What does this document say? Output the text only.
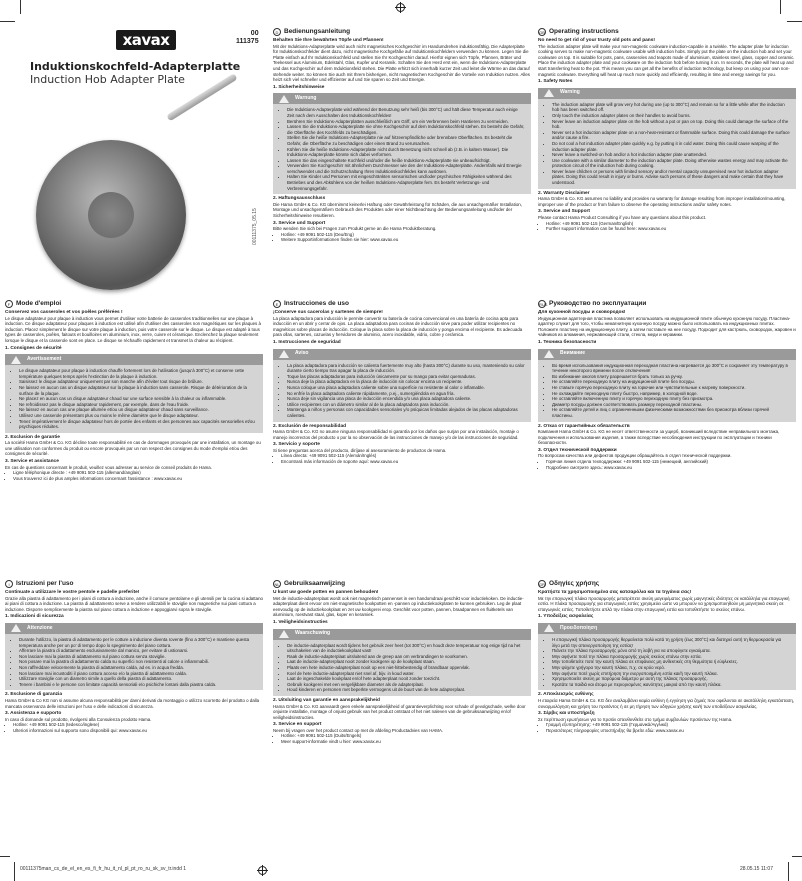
xavax	00
111375
Induktionskochfeld-Adapterplatte
Induction Hob Adapter Plate
00111375_05.15
D Bedienungsanleitung
Behalten Sie Ihre bewährten Töpfe und Pfannen!

Mit der Induktions-Adapterplatte wird auch nicht magnetisches Kochgeschirr im Handumdrehen induktionsfähig. Die Adapterplatte für Induktionskochfelder dient dazu, nicht magnetische Kochgefäße auf Induktionskochfeldern verwenden zu können. Legen Sie die Platte einfach auf Ihr Induktionskochfeld und stellen Sie Ihr Kochgeschirr darauf. Hierfür eignen sich Töpfe, Pfannen, Bräter und Teekessel aus Aluminium, Edelstahl, Glas, Kupfer und Keramik. Schalten Sie den Herd erst ein, wenn die Induktions-Adapterplatte und das Kochgeschirr auf dem Induktionsfeld stehen. Die Platte erhitzt sich innerhalb kurzer Zeit und leitet die Wärme an das darauf stehende weiter. So können Sie auch mit Ihrem bisherigen, nicht magnetischen Kochgeschirr die Vorteile von Induktion nutzen. Alles heizt sich viel schneller und effizienter auf und Sie sparen so Zeit und Energie.

1. Sicherheitshinweise
Warnung
• Die Induktions-Adapterplatte wird während der Benutzung sehr heiß (bis 300°C) und hält diese Temperatur auch einige Zeit nach dem Ausschalten des Induktionskochfeldes!
• Berühren Sie Induktions-Adapterplatten ausschließlich am Griff, um ein Verbrennen beim Hantieren zu vermeiden.
• Lassen Sie die Induktions-Adapterplatte nie ohne Kochgeschirr auf dem Induktionskochfeld stehen. Es besteht die Gefahr, die Oberfläche des Kochfelds zu beschädigen.
• Stellen Sie die heiße Induktions-Adapterplatte nie auf hitzeempfindliche oder brennbare Oberflächen. Es besteht die Gefahr, die Oberfläche zu beschädigen oder einen Brand zu verursachen.
• Kühlen Sie die heiße Induktions-Adapterplatte nicht durch Benetzung nicht schnell ab (z.B. in kaltem Wasser). Die Induktions-Adapterplatte könnte sich dabei verformen.
• Lassen Sie das eingeschaltete Kochfeld und/oder die heiße Induktions-Adapterplatte nie unbeaufsichtigt.
• Verwenden Sie Kochgeschirr mit ähnlichem Durchmesser wie den der Induktions-Adapterplatte. Andernfalls wird Energie verschwendet und die Schutzschaltung Ihres Induktionskochfeldes kann auslösen.
• Halten Sie Kinder und Personen mit eingeschränkten sensorischen und/oder psychischen Fähigkeiten während des Betriebes und des Abkühlens von der heißen Induktions-Adapterplatte fern. Es besteht Verletzungs- und Verbrennungsgefahr.
2. Haftungsausschluss

Die Hama GmbH & Co. KG übernimmt keinerlei Haftung oder Gewährleistung für Schäden, die aus unsachgemäßer Installation, Montage und unsachgemäßem Gebrauch des Produktes oder einer Nichtbeachtung der Bedienungsanleitung und/oder der Sicherheitshinweise resultieren.

3. Service und Support

Bitte wenden Sie sich bei Fragen zum Produkt gerne an die Hama Produktberatung.

• Hotline: +49 9091 502-115 (Deu/Eng)
• Weitere Supportinformationen finden sie hier: www.xavax.eu
GB Operating instructions
No need to get rid of your trusty old pots and pans!

The induction adapter plate will make your non-magnetic cookware induction-capable in a twinkle. The adapter plate for induction cooking serves to make non-magnetic cookware usable with induction hobs. Simply put the plate on the induction hob and set your cookware on top. It is suitable for pots, pans, casseroles and teapots made of aluminium, stainless steel, glass, copper and ceramic. Place the induction adapter plate and your cookware on the induction hob before turning it on. In seconds, the plate will heat up and start transferring heat to the pot. This means you can get all the benefits of induction technology, but keep on using your own non-magnetic cookware. Everything will heat up much more quickly and efficiently, resulting in time and energy savings for you.

1. Safety Notes
Warning
• The induction adapter plate will grow very hot during use (up to 300°C) and remain so for a little while after the induction hob has been switched off.
• Only touch the induction adapter plates on their handles to avoid burns.
• Never leave an induction adapter plate on the hob without a pot or pan on top. Doing this could damage the surface of the hob.
• Never set a hot induction adapter plate on a non-heat-resistant or flammable surface. Doing this could damage the surface and/or cause a fire.
• Do not cool a hot induction adapter plate quickly e.g. by putting it in cold water. Doing this could cause warping of the induction adapter plate.
• Never leave a switched-on hob and/or a hot induction adapter plate unattended.
• Use cookware with a similar diameter to the induction adapter plate. Doing otherwise wastes energy and may activate the protection circuit of the induction hob during cooking.
• Never leave children or persons with limited sensory and/or mental capacity unsupervised near hot induction adapter plates. Doing this could result in injury or burns. Advise such persons of these dangers and make certain that they have understood.
2. Warranty Disclaimer

Hama GmbH & Co. KG assumes no liability and provides no warranty for damage resulting from improper installation/mounting, improper use of the product or from failure to observe the operating instructions and/or safety notes.

3. Service and Support

Please contact Hama Product Consulting if you have any questions about this product.

• Hotline: +49 9091 502-115 (German/English)
• Further support information can be found here: www.xavax.eu
F Mode d'emploi
Conservez vos casseroles et vos poêles préférées !

Le disque adaptateur pour plaque à induction vous permet d'utiliser votre batterie de casseroles traditionnelles sur une plaque à induction. Ce disque adaptateur pour plaques à induction est utilisé afin d'utiliser des casseroles non magnétiques sur les plaques à induction. Placez simplement le disque sur votre plaque à induction, puis votre casserole sur le disque. Le disque est adapté à tous types de casseroles, poêles, faitouts et bouilloires en aluminium, inox, verre, cuivre et céramique. Enclenchez la plaque seulement lorsque le disque et la casserole sont en place. Le disque se réchauffe rapidement et transmet la chaleur au récipient.

1. Consignes de sécurité
Avertissement
• Le disque adaptateur pour plaque à induction chauffe fortement lors de l'utilisation (jusqu'à 300°C) et conserve cette température quelques temps après l'extinction de la plaque à induction.
• Saisissez le disque adaptateur uniquement par son manche afin d'éviter tout risque de brûlure.
• Ne laissez en aucun cas un disque adaptateur sur la plaque à induction sans casserole. Risque de détérioration de la surface de la plaque.
• Ne placez en aucun cas un disque adaptateur chaud sur une surface sensible à la chaleur ou inflammable.
• Ne refroidissez pas le disque adaptateur rapidement, par exemple, dans de l'eau froide.
• Ne laissez en aucun cas une plaque allumée et/ou un disque adaptateur chaud sans surveillance.
• Utilisez une casserole présentant plus ou moins le même diamètre que le disque adaptateur.
• Tenez impérativement le disque adaptateur hors de portée des enfants et des personnes aux capacités sensorielles et/ou psychiques réduites.
2. Exclusion de garantie

La société Hama GmbH & Co. KG décline toute responsabilité en cas de dommages provoqués par une installation, un montage ou une utilisation non conformes du produit ou encore provoqués par un non respect des consignes du mode d'emploi et/ou des consignes de sécurité.

3. Service et assistance

En cas de questions concernant le produit, veuillez vous adresser au service de conseil produits de Hama.

• Ligne téléphonique directe : +49 9091 502-115 (allemand/anglais)
• Vous trouverez ici de plus amples informations concernant l'assistance : www.xavax.eu
E Instrucciones de uso
¡Conserve sus cacerolas y sartenes de siempre!

La placa adaptadora para inducción le permite convertir su batería de cocina convencional en una batería de cocina apta para inducción en un abrir y cerrar de ojos. La placa adaptadora para cocinas de inducción sirve para poder utilizar recipientes no magnéticos sobre placas de inducción. Coloque la placa sobre la placa de inducción y ponga encima el recipiente. Es adecuada para ollas, sartenes, cazuelas y hervidores de aluminio, acero inoxidable, vidrio, cobre y cerámica.

1. Instrucciones de seguridad
Aviso
• La placa adaptadora para inducción se calienta fuertemente muy alto (hasta 300°C) durante su uso, manteniendo su calor durante cierto tiempo tras apagar la placa de inducción.
• Toque las placas adaptadoras para inducción únicamente por su mango para evitar quemaduras.
• Nunca deje la placa adaptadora en la placa de inducción sin colocar encima un recipiente.
• Nunca coloque una placa adaptadora caliente sobre una superficie no resistente al calor o inflamable.
• No enfríe la placa adaptadora caliente rápidamente, p.ej., sumergiéndola en agua fría.
• Nunca deje sin vigilancia una placa de inducción encendida y/o una placa adaptadora caliente.
• Utilice recipientes con un diámetro similar al de la placa adaptadora para inducción.
• Mantenga a niños y personas con capacidades sensoriales y/o psíquicas limitadas alejados de las placas adaptadoras calientes.
2. Exclusión de responsabilidad

Hama GmbH & Co. KG no asume ninguna responsabilidad ni garantía por los daños que surjan por una instalación, montaje o manejo incorrectos del producto o por la no observación de las instrucciones de manejo y/o de las instrucciones de seguridad.

3. Servicio y soporte

Si tiene preguntas acerca del producto, diríjase al asesoramiento de productos de Hama.

• Línea directa: +49 9091 502-115 (Alemán/Inglés)
• Encontrará más información de soporte aquí: www.xavax.eu
RUS Руководство по эксплуатации
Для кухонной посуды и сковородок!

Индукционная адаптерная пластина позволяет использовать на индукционной плите обычную кухонную посуду. Пластина-адаптер служит для того, чтобы немагнитную кухонную посуду можно было использовать на индукционных плитах. Положите пластину на индукционную плиту, а затем поставьте на нее посуду. Подходит для кастрюль, сковородок, жаровен и чайников из алюминия, нержавеющей стали, стекла, меди и керамики.

1. Техника безопасности
Внимание
• Во время использования индукционная переходная пластина нагревается до 300°C и сохраняет эту температуру в течение некоторого времени после отключения!
• Во избежание ожогов плиту разрешается брать только за ручку.
• Не оставляйте переходную плиту на индукционной плите без посуды.
• Не ставьте горячую переходную плиту на горючие или чувствительные к нагреву поверхности.
• Не охлаждайте переходную плиту быстро, например, в холодной воде.
• Не оставляйте включенную плиту и горячую переходную плиту без присмотра.
• Диаметр посуды должен соответствовать размеру переходной пластины.
• Не оставляйте детей и лиц с ограниченными физическими возможностями без присмотра вблизи горячей пластины.
2. Отказ от гарантийных обязательств

Компания Hama GmbH & Co. KG не несет ответственности за ущерб, возникший вследствие неправильного монтажа, подключения и использования изделия, а также вследствие несоблюдения инструкции по эксплуатации и техники безопасности.

3. Отдел технической поддержки

По вопросам качества или дефектов продукции обращайтесь в отдел технической поддержки.

• Горячая линия отдела техподдержки: +49 9091 502-115 (немецкий, английский)
• Подробнее смотрите здесь: www.xavax.eu
I Istruzioni per l'uso
Continuate a utilizzare le vostre pentole e padelle preferite!

Grazie alla piastra di adattamento per i piani di cottura a induzione, anche il comune pentolame e gli utensili per la cucina si adattano ai piani di cottura a induzione. La piastra di adattamento serve a rendere utilizzabili le stoviglie non magnetiche sui piani cottura a induzione. Disporre semplicemente la piastra sul piano cottura a induzione e appoggiarvi sopra le stoviglie.

1. Indicazioni di sicurezza
Attenzione
• Durante l'utilizzo, la piastra di adattamento per le cotture a induzione diventa rovente (fino a 300°C) e mantiene questa temperatura anche per un po' di tempo dopo lo spegnimento del piano cottura.
• Afferrare la piastra di adattamento esclusivamente dal manico, per evitare di ustionarsi.
• Non lasciare mai la piastra di adattamento sul piano cottura senza stoviglie.
• Non posare mai la piastra di adattamento calda su superfici non resistenti al calore o infiammabili.
• Non raffreddare velocemente la piastra di adattamento calda, ad es. in acqua fredda.
• Non lasciare mai incustoditi il piano cottura acceso e/o la piastra di adattamento calda.
• Utilizzare stoviglie con un diametro simile a quello della piastra di adattamento.
• Tenere i bambini e le persone con limitate capacità sensoriali e/o psichiche lontani dalla piastra calda.
2. Esclusione di garanzia

Hama GmbH & Co KG non si assume alcuna responsabilità per danni derivati da montaggio o utilizzo scorretto del prodotto o dalla mancata osservanza delle istruzioni per l'uso e delle indicazioni di sicurezza.

3. Assistenza e supporto

In caso di domande sul prodotto, rivolgersi alla Consulenza prodotto Hama.

• Hotline: +49 9091 502-115 (tedesco/inglese)
• Ulteriori informazioni sul supporto sono disponibili qui: www.xavax.eu
NL Gebruiksaanwijzing
U kunt uw goede potten en pannen behouden!

Met de inductie-adapterplaat wordt ook niet magnetisch pannenset in een handomdraai geschikt voor inductiekoken. De inductie-adapterplaat dient ervoor om niet-magnetische kookpotten en -pannen op inductiekookplaten te kunnen gebruiken. Leg de plaat eenvoudig op de inductiekookplaat en zet uw kookgerei erop. Geschikt voor potten, pannen, braadpannen en fluitketels van aluminium, roestvast staal, glas, koper en keramiek.

1. Veiligheidsinstructies
Waarschuwing
• De inductie-adapterplaat wordt tijdens het gebruik zeer heet (tot 300°C) en houdt deze temperatuur nog enige tijd na het uitschakelen van de inductiekookplaat vast!
• Raak de inductie-adapterplaat uitsluitend aan de greep aan om verbrandingen te voorkomen.
• Laat de inductie-adapterplaat nooit zonder kookgerei op de kookplaat staan.
• Plaats een hete inductie-adapterplaat nooit op een niet-hittebestendig of brandbaar oppervlak.
• Koel de hete inductie-adapterplaat niet snel af, bijv. in koud water.
• Laat de ingeschakelde kookplaat en/of hete adapterplaat nooit zonder toezicht.
• Gebruik kookgerei met een vergelijkbare diameter als de adapterplaat.
• Houd kinderen en personen met beperkte vermogens uit de buurt van de hete adapterplaat.
2. Uitsluiting van garantie en aansprakelijkheid

Hama GmbH & Co. KG aanvaardt geen enkele aansprakelijkheid of garantieverplichting voor schade of gevolgschade, welke door onjuiste installatie, montage of onjuist gebruik van het product ontstaat of het niet naleven van de gebruiksaanwijzing en/of veiligheidsinstructies.

3. Service en support

Neem bij vragen over het product contact op met de afdeling Productadvies van HAMA.

• Hotline: +49 9091 502-115 (Duits/Engels)
• Meer support-informatie vindt u hier: www.xavax.eu
GR Οδηγίες χρήσης
Κρατήστε τα χρησιμοποιημένα σας κατσαρόλια και τα τηγάνια σας!

Με την επαγωγική πλάκα προσαρμογής μετατρέπετε σκεύη μαγειρέματος χωρίς μαγνητικές ιδιότητες σε κατάλληλα για επαγωγική εστία. Η πλάκα προσαρμογής για επαγωγικές εστίες χρησιμεύει ώστε να μπορούν να χρησιμοποιηθούν μη μαγνητικά σκεύη σε επαγωγικές εστίες. Τοποθετήστε απλά την πλάκα στην επαγωγική εστία και τοποθετήστε το σκεύος επάνω.

1. Υποδείξεις ασφαλείας
Προειδοποίηση
• Η επαγωγική πλάκα προσαρμογής θερμαίνεται πολύ κατά τη χρήση (έως 300°C) και διατηρεί αυτή τη θερμοκρασία για λίγο μετά την απενεργοποίηση της εστίας!
• Πιάνετε την πλάκα προσαρμογής μόνο από τη λαβή για να αποφύγετε εγκαύματα.
• Μην αφήνετε ποτέ την πλάκα προσαρμογής χωρίς σκεύος επάνω στην εστία.
• Μην τοποθετείτε ποτέ την καυτή πλάκα σε επιφάνειες μη ανθεκτικές στη θερμότητα ή εύφλεκτες.
• Μην ψύχετε γρήγορα την καυτή πλάκα, π.χ. σε κρύο νερό.
• Μην αφήνετε ποτέ χωρίς επιτήρηση την ενεργοποιημένη εστία και/ή την καυτή πλάκα.
• Χρησιμοποιείτε σκεύη με παρόμοια διάμετρο με αυτή της πλάκας προσαρμογής.
• Κρατάτε τα παιδιά και άτομα με περιορισμένες ικανότητες μακριά από την καυτή πλάκα.
2. Αποκλεισμός ευθύνης

Η εταιρεία Hama GmbH & Co. KG δεν αναλαμβάνει καμία ευθύνη ή εγγύηση για ζημιές που οφείλονται σε ακατάλληλη εγκατάσταση, συναρμολόγηση και χρήση του προϊόντος ή σε μη τήρηση των οδηγιών χρήσης και/ή των υποδείξεων ασφαλείας.

3. Σέρβις και υποστήριξη

Σε περίπτωση ερωτήσεων για το προϊόν απευθυνθείτε στο τμήμα συμβουλών προϊόντων της Hama.

• Γραμμή εξυπηρέτησης: +49 9091 502-115 (Γερμανικά/Αγγλικά)
• Περισσότερες πληροφορίες υποστήριξης θα βρείτε εδώ: www.xavax.eu
00111375man_cs_de_el_en_es_fi_fr_hu_it_nl_pl_pt_ro_ru_sk_sv_tr.indd 1	28.05.15 11:07
